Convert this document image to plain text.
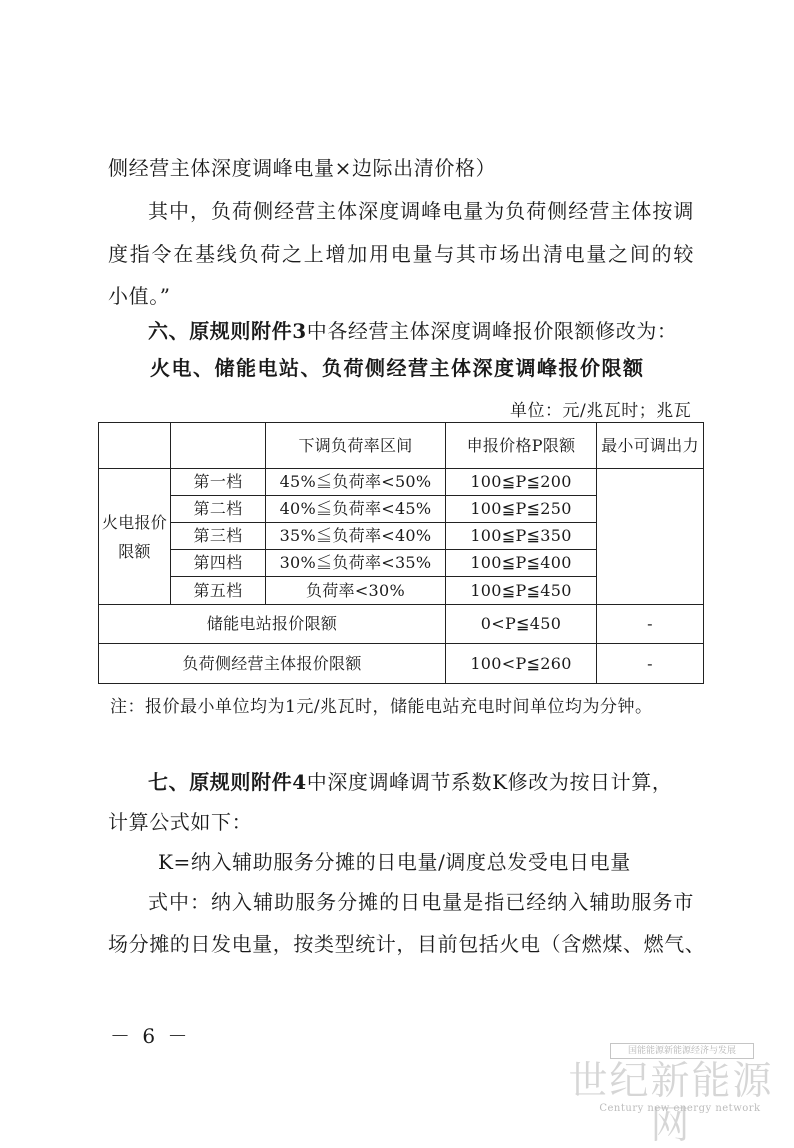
侧经营主体深度调峰电量×边际出清价格）
其中，负荷侧经营主体深度调峰电量为负荷侧经营主体按调
度指令在基线负荷之上增加用电量与其市场出清电量之间的较
小值。”
六、原规则附件3中各经营主体深度调峰报价限额修改为：
火电、储能电站、负荷侧经营主体深度调峰报价限额
单位：元/兆瓦时；兆瓦
		下调负荷率区间	申报价格P限额	最小可调出力
火电报价限额	第一档	45%≦负荷率<50%	100≦P≦200	
	第二档	40%≦负荷率<45%	100≦P≦250	
	第三档	35%≦负荷率<40%	100≦P≦350	
	第四档	30%≦负荷率<35%	100≦P≦400	
	第五档	负荷率<30%	100≦P≦450	
储能电站报价限额			0<P≦450	-
负荷侧经营主体报价限额			100<P≦260	-
注：报价最小单位均为1元/兆瓦时，储能电站充电时间单位均为分钟。
七、原规则附件4中深度调峰调节系数K修改为按日计算，
计算公式如下：
K=纳入辅助服务分摊的日电量/调度总发受电日电量
式中：纳入辅助服务分摊的日电量是指已经纳入辅助服务市
场分摊的日发电量，按类型统计，目前包括火电（含燃煤、燃气、
－ 6 －
国能能源新能源经济与发展
世纪新能源网
Century new energy network
